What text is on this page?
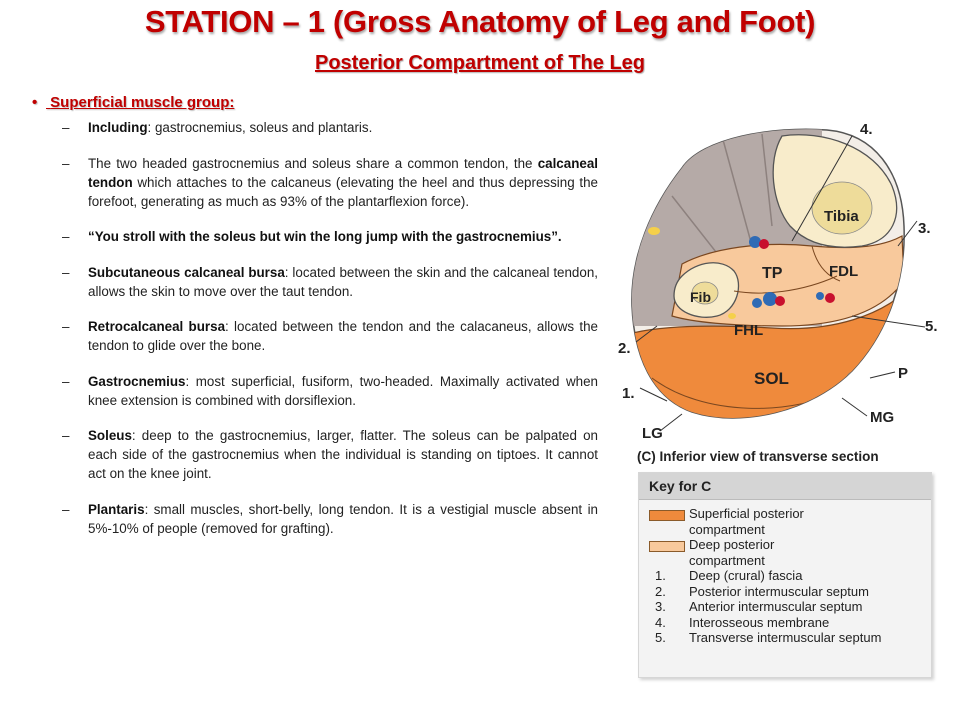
STATION – 1 (Gross Anatomy of Leg and Foot)
Posterior Compartment of The Leg
• Superficial muscle group:
– Including: gastrocnemius, soleus and plantaris.
– The two headed gastrocnemius and soleus share a common tendon, the calcaneal tendon which attaches to the calcaneus (elevating the heel and thus depressing the forefoot, generating as much as 93% of the plantarflexion force).
– “You stroll with the soleus but win the long jump with the gastrocnemius”.
– Subcutaneous calcaneal bursa: located between the skin and the calcaneal tendon, allows the skin to move over the taut tendon.
– Retrocalcaneal bursa: located between the tendon and the calacaneus, allows the tendon to glide over the bone.
– Gastrocnemius: most superficial, fusiform, two-headed. Maximally activated when knee extension is combined with dorsiflexion.
– Soleus: deep to the gastrocnemius, larger, flatter. The soleus can be palpated on each side of the gastrocnemius when the individual is standing on tiptoes. It cannot act on the knee joint.
– Plantaris: small muscles, short-belly, long tendon. It is a vestigial muscle absent in 5%-10% of people (removed for grafting).
Tibia
TP	FDL
Fib
FHL
SOL	P
MG
LG
4.
3.
5.
2.
1.
(C) Inferior view of transverse section
Key for C
Superficial posterior
compartment
Deep posterior
compartment
1. Deep (crural) fascia
2. Posterior intermuscular septum
3. Anterior intermuscular septum
4. Interosseous membrane
5. Transverse intermuscular septum
